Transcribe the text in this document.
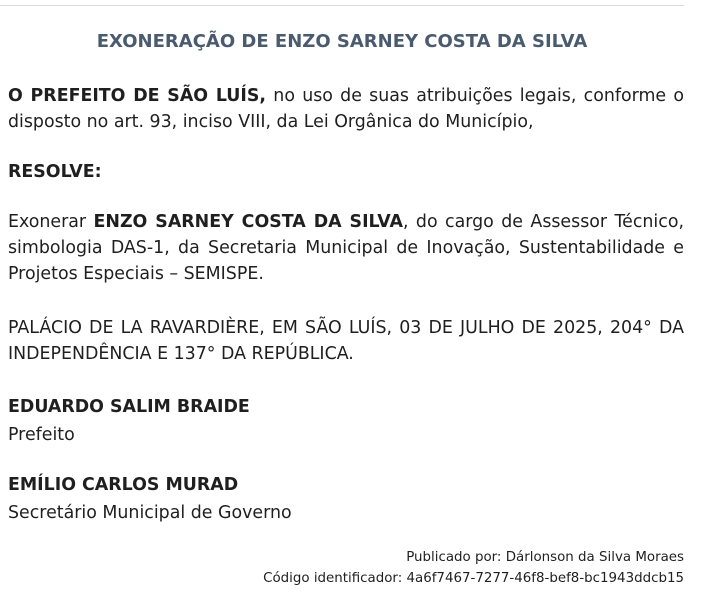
EXONERAÇÃO DE ENZO SARNEY COSTA DA SILVA
O PREFEITO DE SÃO LUÍS, no uso de suas atribuições legais, conforme o disposto no art. 93, inciso VIII, da Lei Orgânica do Município,
RESOLVE:
Exonerar ENZO SARNEY COSTA DA SILVA, do cargo de Assessor Técnico, simbologia DAS-1, da Secretaria Municipal de Inovação, Sustentabilidade e Projetos Especiais – SEMISPE.
PALÁCIO DE LA RAVARDIÈRE, EM SÃO LUÍS, 03 DE JULHO DE 2025, 204° DA INDEPENDÊNCIA E 137° DA REPÚBLICA.
EDUARDO SALIM BRAIDE
Prefeito
EMÍLIO CARLOS MURAD
Secretário Municipal de Governo
Publicado por: Dárlonson da Silva Moraes
Código identificador: 4a6f7467-7277-46f8-bef8-bc1943ddcb15
